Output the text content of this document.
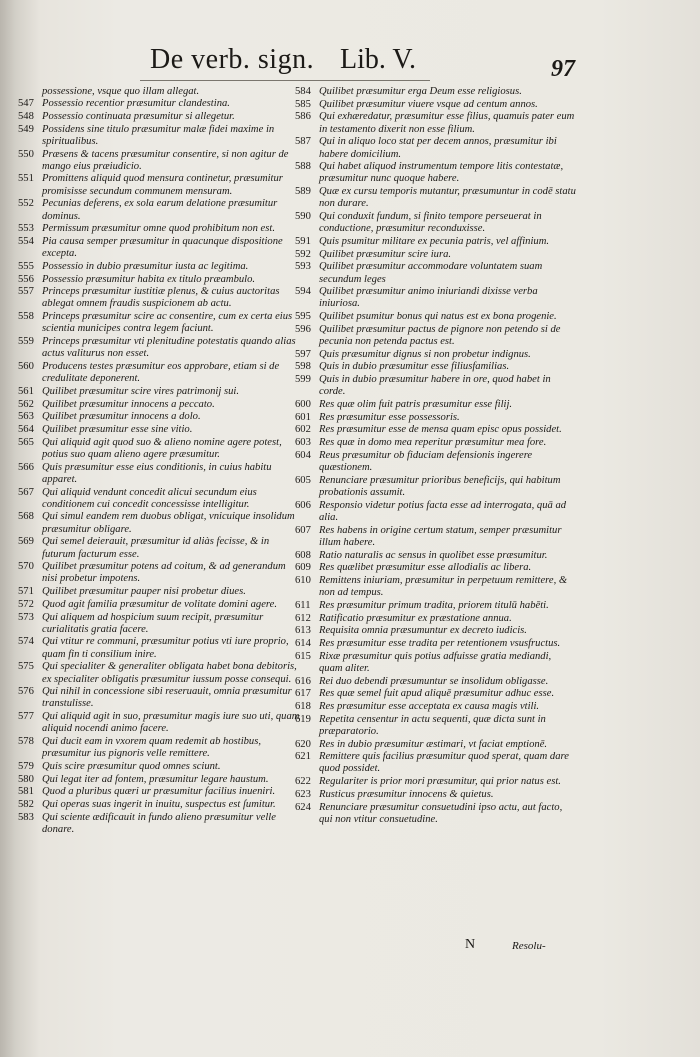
De verb. sign. Lib. V.	97
possessione, vsque quo illam allegat.
547 Possessio recentior præsumitur clandestina.
548 Possessio continuata præsumitur si allegetur.
549 Possidens sine titulo præsumitur malæ fidei maxime in spiritualibus.
550 Præsens & tacens præsumitur consentire, si non agitur de mango eius præiudicio.
551 Promittens aliquid quod mensura continetur, præsumitur promisisse secundum communem mensuram.
552 Pecunias deferens, ex sola earum delatione præsumitur dominus.
553 Permissum præsumitur omne quod prohibitum non est.
554 Pia causa semper præsumitur in quacunque dispositione excepta.
555 Possessio in dubio præsumitur iusta ac legitima.
556 Possessio præsumitur habita ex titulo præambulo.
557 Princeps præsumitur iustitiæ plenus, & cuius auctoritas ablegat omnem fraudis suspicionem ab actu.
558 Princeps præsumitur scire ac consentire, cum ex certa eius scientia municipes contra legem faciunt.
559 Princeps præsumitur vti plenitudine potestatis quando alias actus valiturus non esset.
560 Producens testes præsumitur eos approbare, etiam si de credulitate deponerent.
561 Quilibet præsumitur scire vires patrimonij sui.
562 Quilibet præsumitur innocens a peccato.
563 Quilibet præsumitur innocens a dolo.
564 Quilibet præsumitur esse sine vitio.
565 Qui aliquid agit quod suo & alieno nomine agere potest, potius suo quam alieno agere præsumitur.
566 Quis præsumitur esse eius conditionis, in cuius habitu apparet.
567 Qui aliquid vendunt concedit alicui secundum eius conditionem cui concedit concessisse intelligitur.
568 Qui simul eandem rem duobus obligat, vnicuique insolidum præsumitur obligare.
569 Qui semel deierauit, præsumitur id aliàs fecisse, & in futurum facturum esse.
570 Quilibet præsumitur potens ad coitum, & ad generandum nisi probetur impotens.
571 Quilibet præsumitur pauper nisi probetur diues.
572 Quod agit familia præsumitur de volitate domini agere.
573 Qui aliquem ad hospicium suum recipit, præsumitur curialitatis gratia facere.
574 Qui vtitur re communi, præsumitur potius vti iure proprio, quam fin ti consilium inire.
575 Qui specialiter & generaliter obligata habet bona debitoris, ex specialiter obligatis præsumitur iussum posse consequi.
576 Qui nihil in concessione sibi reseruauit, omnia præsumitur transtulisse.
577 Qui aliquid agit in suo, præsumitur magis iure suo uti, quam aliquid nocendi animo facere.
578 Qui ducit eam in vxorem quam redemit ab hostibus, præsumitur ius pignoris velle remittere.
579 Quis scire præsumitur quod omnes sciunt.
580 Qui legat iter ad fontem, præsumitur legare haustum.
581 Quod a pluribus quæri ur præsumitur facilius inueniri.
582 Qui operas suas ingerit in inuitu, suspectus est ſumitur.
583 Qui sciente ædificauit in fundo alieno præsumitur velle donare.
584 Quilibet præsumitur erga Deum esse religiosus.
585 Quilibet præsumitur viuere vsque ad centum annos.
586 Qui exhæredatur, præsumitur esse filius, quamuis pater eum in testamento dixerit non esse filium.
587 Qui in aliquo loco stat per decem annos, præsumitur ibi habere domicilium.
588 Qui habet aliquod instrumentum tempore litis contestatæ, præsumitur nunc quoque habere.
589 Quæ ex cursu temporis mutantur, præsumuntur in codē statu non durare.
590 Qui conduxit fundum, si finito tempore perseuerat in conductione, præsumitur reconduxisse.
591 Quis psumitur militare ex pecunia patris, vel affinium.
592 Quilibet præsumitur scire iura.
593 Quilibet præsumitur accommodare voluntatem suam secundum leges
594 Quilibet præsumitur animo iniuriandi dixisse verba iniuriosa.
595 Quilibet psumitur bonus qui natus est ex bona progenie.
596 Quilibet præsumitur pactus de pignore non petendo si de pecunia non petenda pactus est.
597 Quis præsumitur dignus si non probetur indignus.
598 Quis in dubio præsumitur esse filiusfamilias.
599 Quis in dubio præsumitur habere in ore, quod habet in corde.
600 Res quæ olim fuit patris præsumitur esse filij.
601 Res præsumitur esse possessoris.
602 Res præsumitur esse de mensa quam episc opus possidet.
603 Res quæ in domo mea reperitur præsumitur mea fore.
604 Reus præsumitur ob fiduciam defensionis ingerere quæstionem.
605 Renunciare præsumitur prioribus beneficijs, qui habitum probationis assumit.
606 Responsio videtur potius facta esse ad interrogata, quā ad alia.
607 Res habens in origine certum statum, semper præsumitur illum habere.
608 Ratio naturalis ac sensus in quolibet esse præsumitur.
609 Res quælibet præsumitur esse allodialis ac libera.
610 Remittens iniuriam, præsumitur in perpetuum remittere, & non ad tempus.
611 Res præsumitur primum tradita, priorem titulū habēti.
612 Ratificatio præsumitur ex præstatione annua.
613 Requisita omnia præsumuntur ex decreto iudicis.
614 Res præsumitur esse tradita per retentionem vsusfructus.
615 Rixæ præsumitur quis potius adfuisse gratia mediandi, quam aliter.
616 Rei duo debendi præsumuntur se insolidum obligasse.
617 Res quæ semel fuit apud aliquē præsumitur adhuc esse.
618 Res præsumitur esse acceptata ex causa magis vtili.
619 Repetita censentur in actu sequenti, quæ dicta sunt in præparatorio.
620 Res in dubio præsumitur æstimari, vt faciat emptionē.
621 Remittere quis facilius præsumitur quod sperat, quam dare quod possidet.
622 Regulariter is prior mori præsumitur, qui prior natus est.
623 Rusticus præsumitur innocens & quietus.
624 Renunciare præsumitur consuetudini ipso actu, aut facto, qui non vtitur consuetudine.
N	Resolu-
